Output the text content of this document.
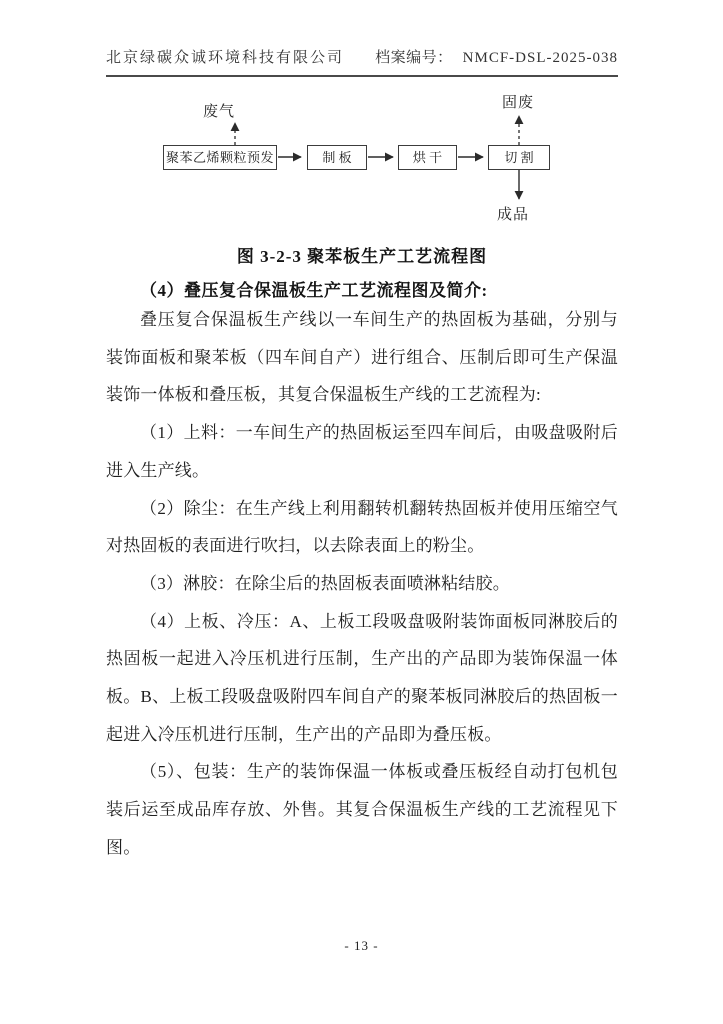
北京绿碳众诚环境科技有限公司 档案编号： NMCF-DSL-2025-038
废气
固废
成品
聚苯乙烯颗粒预发	制 板	烘 干	切 割
图 3-2-3 聚苯板生产工艺流程图
（4）叠压复合保温板生产工艺流程图及简介:

叠压复合保温板生产线以一车间生产的热固板为基础，分别与装饰面板和聚苯板（四车间自产）进行组合、压制后即可生产保温装饰一体板和叠压板，其复合保温板生产线的工艺流程为:

（1）上料：一车间生产的热固板运至四车间后，由吸盘吸附后进入生产线。

（2）除尘：在生产线上利用翻转机翻转热固板并使用压缩空气对热固板的表面进行吹扫，以去除表面上的粉尘。

（3）淋胶：在除尘后的热固板表面喷淋粘结胶。

（4）上板、冷压：A、上板工段吸盘吸附装饰面板同淋胶后的热固板一起进入冷压机进行压制，生产出的产品即为装饰保温一体板。B、上板工段吸盘吸附四车间自产的聚苯板同淋胶后的热固板一起进入冷压机进行压制，生产出的产品即为叠压板。

（5）、包装：生产的装饰保温一体板或叠压板经自动打包机包装后运至成品库存放、外售。其复合保温板生产线的工艺流程见下图。

- 13 -
